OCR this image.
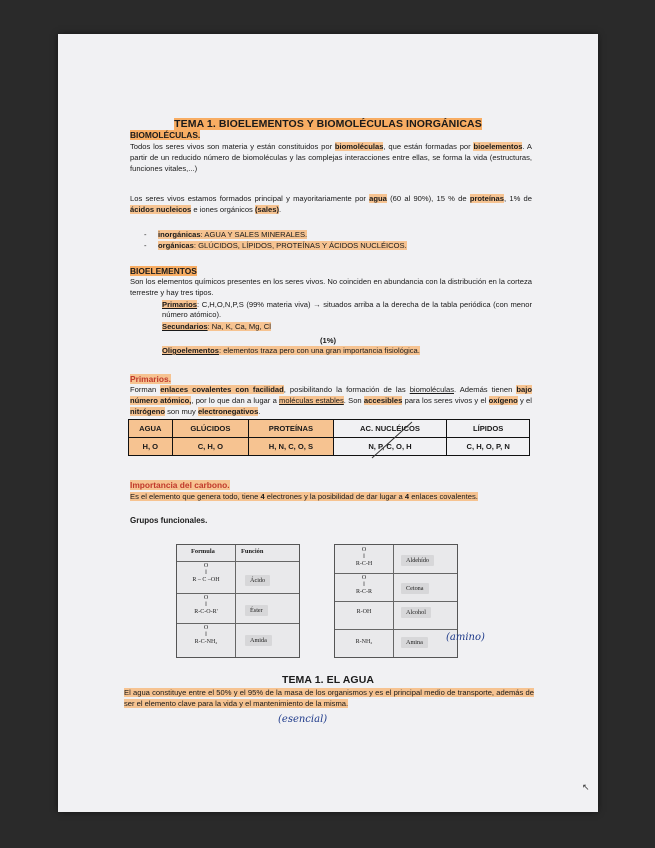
TEMA 1. BIOELEMENTOS Y BIOMOLÉCULAS INORGÁNICAS
BIOMOLÉCULAS.
Todos los seres vivos son materia y están constituidos por biomoléculas, que están formadas por bioelementos. A partir de un reducido número de biomoléculas y las complejas interacciones entre ellas, se forma la vida (estructuras, funciones vitales,...)
Los seres vivos estamos formados principal y mayoritariamente por agua (60 al 90%), 15 % de proteínas, 1% de ácidos nucleicos e iones orgánicos (sales).
- inorgánicas: AGUA Y SALES MINERALES.
- orgánicas: GLÚCIDOS, LÍPIDOS, PROTEÍNAS Y ÁCIDOS NUCLÉICOS.
BIOELEMENTOS
Son los elementos químicos presentes en los seres vivos. No coinciden en abundancia con la distribución en la corteza terrestre y hay tres tipos.
Primarios: C,H,O,N,P,S (99% materia viva) → situados arriba a la derecha de la tabla periódica (con menor número atómico).
Secundarios: Na, K, Ca, Mg, Cl
(1%)
Oligoelementos: elementos traza pero con una gran importancia fisiológica.
Primarios.
Forman enlaces covalentes con facilidad, posibilitando la formación de las biomoléculas. Además tienen bajo número atómico,, por lo que dan a lugar a moléculas estables. Son accesibles para los seres vivos y el oxígeno y el nitrógeno son muy electronegativos.
AGUA	GLÚCIDOS	PROTEÍNAS	AC. NUCLÉICOS	LÍPIDOS
H, O	C, H, O	H, N, C, O, S	N, P, C, O, H	C, H, O, P, N
Importancia del carbono.
Es el elemento que genera todo, tiene 4 electrones y la posibilidad de dar lugar a 4 enlaces covalentes.
Grupos funcionales.
Formula	Función
O
‖
R – C –OH	Ácido
O
‖
R-C-O-R'	Éster
O
‖
R-C-NH₂	Amida
O
‖
R-C-H	Aldehído
O
‖
R-C-R	Cetona
R-OH	Alcohol
R-NH₂	Amina	(amino)
TEMA 1. EL AGUA
El agua constituye entre el 50% y el 95% de la masa de los organismos y es el principal medio de transporte, además de ser el elemento clave para la vida y el mantenimiento de la misma.
(esencial)
↖
